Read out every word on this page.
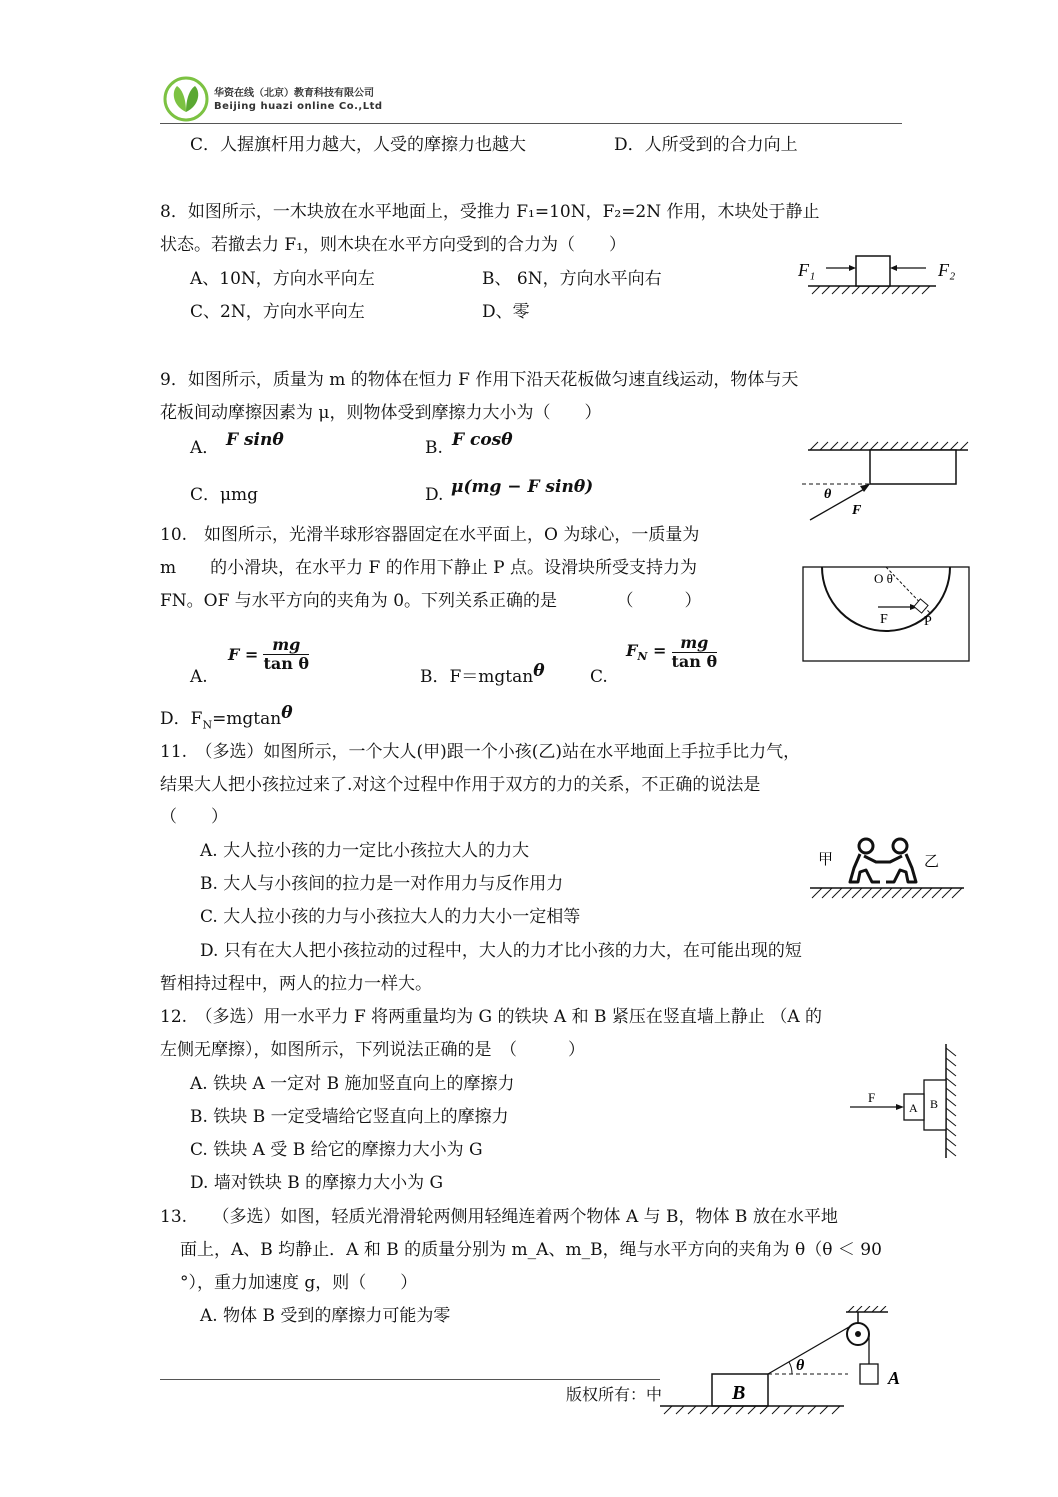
华资在线（北京）教育科技有限公司
Beijing huazi online Co.,Ltd
C．人握旗杆用力越大，人受的摩擦力也越大	D．人所受到的合力向上
8．如图所示，一木块放在水平地面上，受推力 F₁=10N，F₂=2N 作用，木块处于静止
状态。若撤去力 F₁，则木块在水平方向受到的合力为（　　）
A、10N，方向水平向左	B、 6N，方向水平向右
C、2N，方向水平向左	D、零
F₁	F₂
9．如图所示，质量为 m 的物体在恒力 F 作用下沿天花板做匀速直线运动，物体与天
花板间动摩擦因素为 μ，则物体受到摩擦力大小为（　　）
A． F sinθ	B. F cosθ
C．μmg	D. μ(mg − F sinθ)	θ
F
10.　如图所示，光滑半球形容器固定在水平面上，O 为球心，一质量为
m　　的小滑块，在水平力 F 的作用下静止 P 点。设滑块所受支持力为
FN。OF 与水平方向的夹角为 0。下列关系正确的是　　　　（　　　）
A.
$F = \frac{mg}{\text{tan θ}}$
B．F＝mgtanθ	C.
$F_N = \frac{mg}{\text{tan θ}}$
D．$F_N=mgtan\theta$
O θ
F	P
11.　（多选）如图所示，一个大人(甲)跟一个小孩(乙)站在水平地面上手拉手比力气，
结果大人把小孩拉过来了.对这个过程中作用于双方的力的关系，不正确的说法是
（　　）
A. 大人拉小孩的力一定比小孩拉大人的力大
B. 大人与小孩间的拉力是一对作用力与反作用力
C. 大人拉小孩的力与小孩拉大人的力大小一定相等
D. 只有在大人把小孩拉动的过程中，大人的力才比小孩的力大，在可能出现的短
暂相持过程中，两人的拉力一样大。
甲	乙
12.　（多选）用一水平力 F 将两重量均为 G 的铁块 A 和 B 紧压在竖直墙上静止 （A 的
左侧无摩擦），如图所示，下列说法正确的是　（　　　）
A. 铁块 A 一定对 B 施加竖直向上的摩擦力
B. 铁块 B 一定受墙给它竖直向上的摩擦力
C. 铁块 A 受 B 给它的摩擦力大小为 G
D. 墙对铁块 B 的摩擦力大小为 G
F
A B
13.　　（多选）如图，轻质光滑滑轮两侧用轻绳连着两个物体 A 与 B，物体 B 放在水平地
面上，A、B 均静止．A 和 B 的质量分别为 m_A、m_B，绳与水平方向的夹角为 θ（θ ＜ 90
°），重力加速度 g，则（　　）
A. 物体 B 受到的摩擦力可能为零
版权所有：中	B
θ
A
